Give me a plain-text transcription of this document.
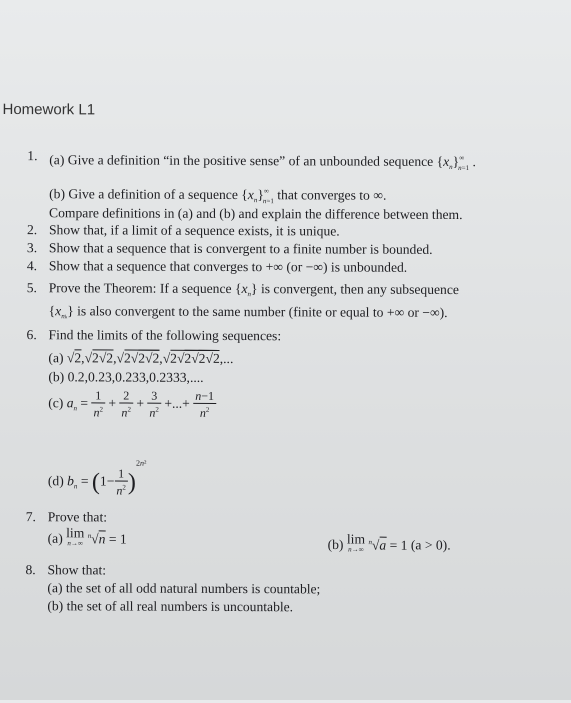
Homework L1
1. (a) Give a definition “in the positive sense” of an unbounded sequence $\{x_n\}^\infty_{n=1}$ .
(b) Give a definition of a sequence $\{x_n\}^\infty_{n=1}$ that converges to ∞.
Compare definitions in (a) and (b) and explain the difference between them.
2. Show that, if a limit of a sequence exists, it is unique.
3. Show that a sequence that is convergent to a finite number is bounded.
4. Show that a sequence that converges to +∞ (or −∞) is unbounded.
5. Prove the Theorem: If a sequence $\{x_n\}$ is convergent, then any subsequence
$\{x_{nk}\}$ is also convergent to the same number (finite or equal to +∞ or −∞).
6. Find the limits of the following sequences:
(a) √2,√2√2,√2√2√2,√2√2√2√2,...
(b) 0.2,0.23,0.233,0.2333,....
(c) $a_n = \frac{1}{n^2} + \frac{2}{n^2} + \frac{3}{n^2}$ +...+ $\frac{n-1}{n^2}$
(d) $b_n = (1- \frac{1}{n^2} )^{2n^2}$
7. Prove that:
(a) lim
n→∞
$^n$√n = 1	(b) lim
n→∞
$^n$√a = 1 (a > 0).
8. Show that:
(a) the set of all odd natural numbers is countable;
(b) the set of all real numbers is uncountable.
